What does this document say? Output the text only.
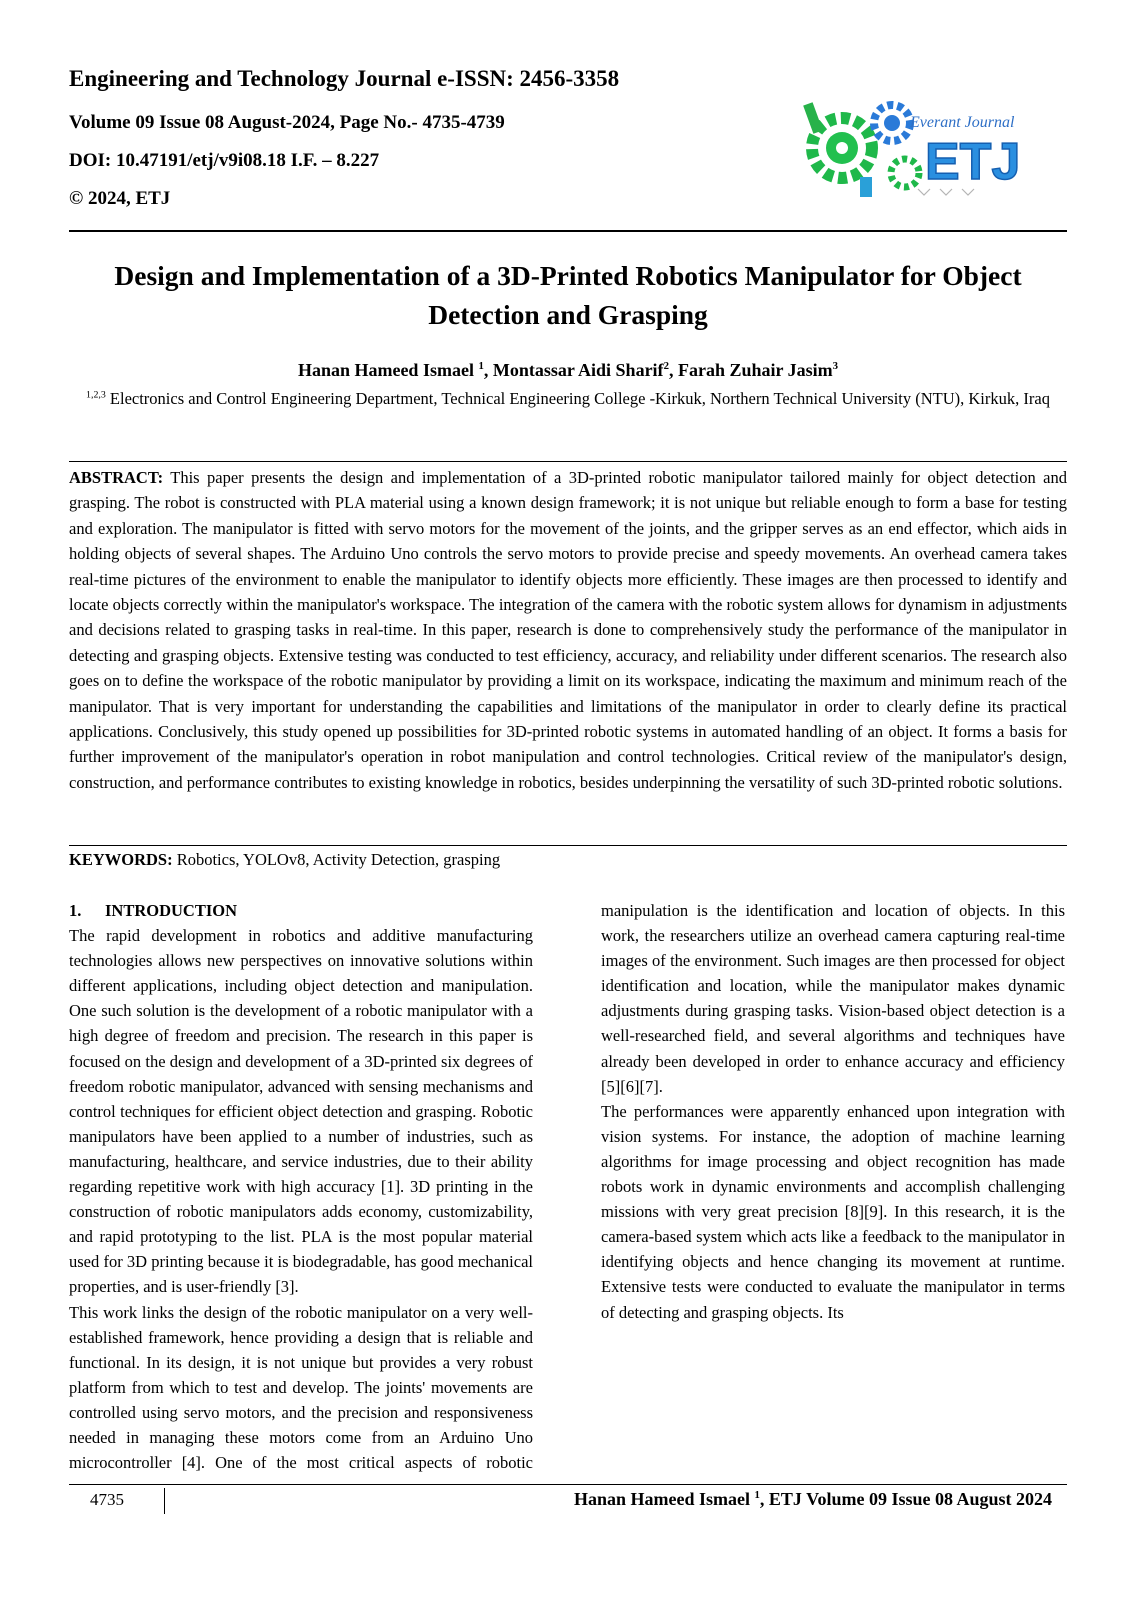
Engineering and Technology Journal e-ISSN: 2456-3358
Volume 09 Issue 08 August-2024, Page No.- 4735-4739
DOI: 10.47191/etj/v9i08.18 I.F. – 8.227
© 2024, ETJ
Everant Journal
ETJ
Design and Implementation of a 3D-Printed Robotics Manipulator for Object Detection and Grasping
Hanan Hameed Ismael $^1$, Montassar Aidi Sharif$^2$, Farah Zuhair Jasim$^3$
$^{1,2,3}$ Electronics and Control Engineering Department, Technical Engineering College -Kirkuk, Northern Technical University (NTU), Kirkuk, Iraq
ABSTRACT: This paper presents the design and implementation of a 3D-printed robotic manipulator tailored mainly for object detection and grasping. The robot is constructed with PLA material using a known design framework; it is not unique but reliable enough to form a base for testing and exploration. The manipulator is fitted with servo motors for the movement of the joints, and the gripper serves as an end effector, which aids in holding objects of several shapes. The Arduino Uno controls the servo motors to provide precise and speedy movements. An overhead camera takes real-time pictures of the environment to enable the manipulator to identify objects more efficiently. These images are then processed to identify and locate objects correctly within the manipulator's workspace. The integration of the camera with the robotic system allows for dynamism in adjustments and decisions related to grasping tasks in real-time. In this paper, research is done to comprehensively study the performance of the manipulator in detecting and grasping objects. Extensive testing was conducted to test efficiency, accuracy, and reliability under different scenarios. The research also goes on to define the workspace of the robotic manipulator by providing a limit on its workspace, indicating the maximum and minimum reach of the manipulator. That is very important for understanding the capabilities and limitations of the manipulator in order to clearly define its practical applications. Conclusively, this study opened up possibilities for 3D-printed robotic systems in automated handling of an object. It forms a basis for further improvement of the manipulator's operation in robot manipulation and control technologies. Critical review of the manipulator's design, construction, and performance contributes to existing knowledge in robotics, besides underpinning the versatility of such 3D-printed robotic solutions.
KEYWORDS: Robotics, YOLOv8, Activity Detection, grasping

1. INTRODUCTION

The rapid development in robotics and additive manufacturing technologies allows new perspectives on innovative solutions within different applications, including object detection and manipulation. One such solution is the development of a robotic manipulator with a high degree of freedom and precision. The research in this paper is focused on the design and development of a 3D-printed six degrees of freedom robotic manipulator, advanced with sensing mechanisms and control techniques for efficient object detection and grasping. Robotic manipulators have been applied to a number of industries, such as manufacturing, healthcare, and service industries, due to their ability regarding repetitive work with high accuracy [1]. 3D printing in the construction of robotic manipulators adds economy, customizability, and rapid prototyping to the list. PLA is the most popular material used for 3D printing because it is biodegradable, has good mechanical properties, and is user-friendly [3].

This work links the design of the robotic manipulator on a very well-established framework, hence providing a design that is reliable and functional. In its design, it is not unique but provides a very robust platform from which to test and develop. The joints' movements are controlled using servo motors, and the precision and responsiveness needed in managing these motors come from an Arduino Uno microcontroller [4]. One of the most critical aspects of robotic

manipulation is the identification and location of objects. In this work, the researchers utilize an overhead camera capturing real-time images of the environment. Such images are then processed for object identification and location, while the manipulator makes dynamic adjustments during grasping tasks. Vision-based object detection is a well-researched field, and several algorithms and techniques have already been developed in order to enhance accuracy and efficiency [5][6][7].

The performances were apparently enhanced upon integration with vision systems. For instance, the adoption of machine learning algorithms for image processing and object recognition has made robots work in dynamic environments and accomplish challenging missions with very great precision [8][9]. In this research, it is the camera-based system which acts like a feedback to the manipulator in identifying objects and hence changing its movement at runtime. Extensive tests were conducted to evaluate the manipulator in terms of detecting and grasping objects. Its

4735	Hanan Hameed Ismael $^1$, ETJ Volume 09 Issue 08 August 2024
